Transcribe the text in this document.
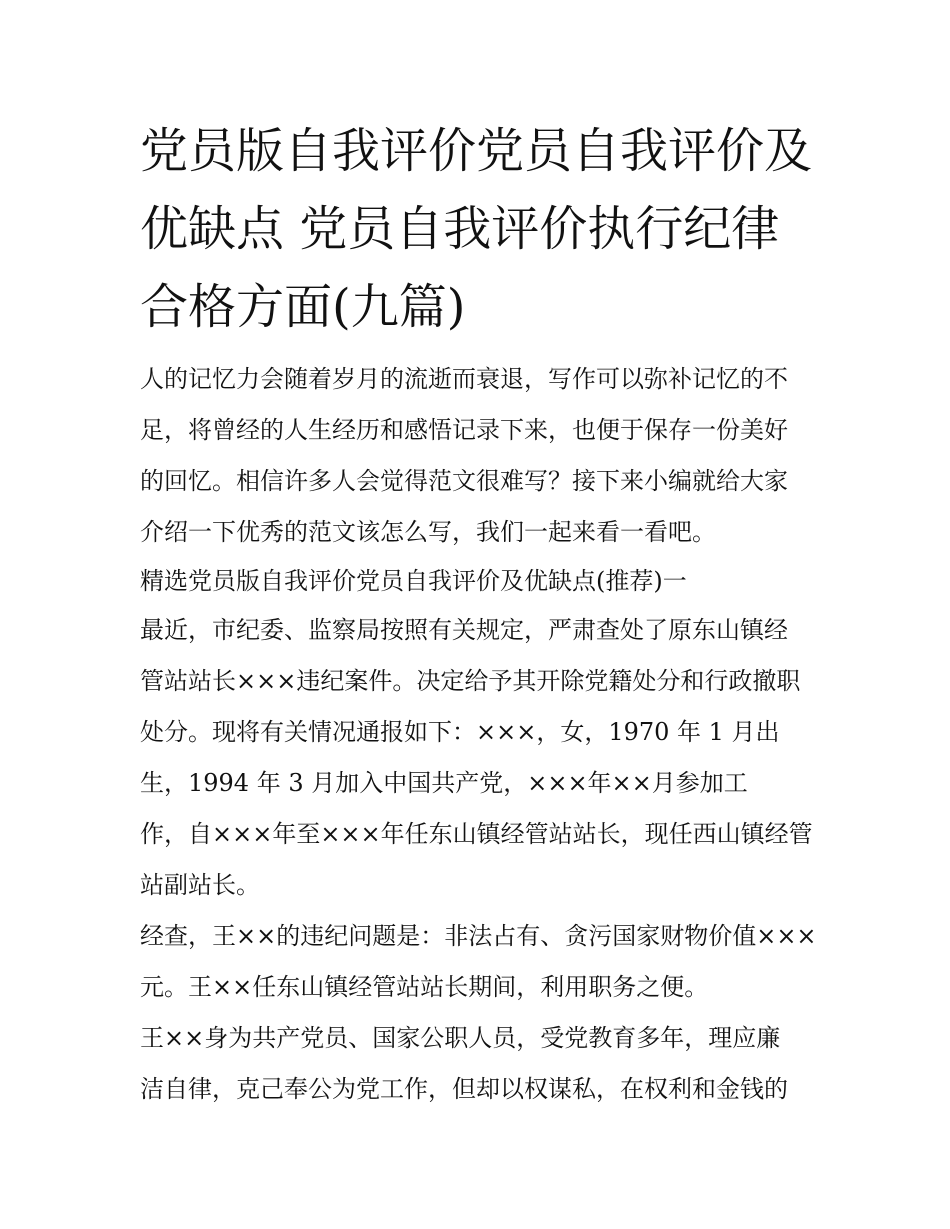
党员版自我评价党员自我评价及优缺点 党员自我评价执行纪律合格方面(九篇)
人的记忆力会随着岁月的流逝而衰退，写作可以弥补记忆的不
足，将曾经的人生经历和感悟记录下来，也便于保存一份美好
的回忆。相信许多人会觉得范文很难写？接下来小编就给大家
介绍一下优秀的范文该怎么写，我们一起来看一看吧。
精选党员版自我评价党员自我评价及优缺点(推荐)一
最近，市纪委、监察局按照有关规定，严肃查处了原东山镇经
管站站长×××违纪案件。决定给予其开除党籍处分和行政撤职
处分。现将有关情况通报如下：×××，女，1970 年 1 月出
生，1994 年 3 月加入中国共产党，×××年××月参加工
作，自×××年至×××年任东山镇经管站站长，现任西山镇经管
站副站长。
经查，王××的违纪问题是：非法占有、贪污国家财物价值×××
元。王××任东山镇经管站站长期间，利用职务之便。
王××身为共产党员、国家公职人员，受党教育多年，理应廉
洁自律，克己奉公为党工作，但却以权谋私，在权利和金钱的
